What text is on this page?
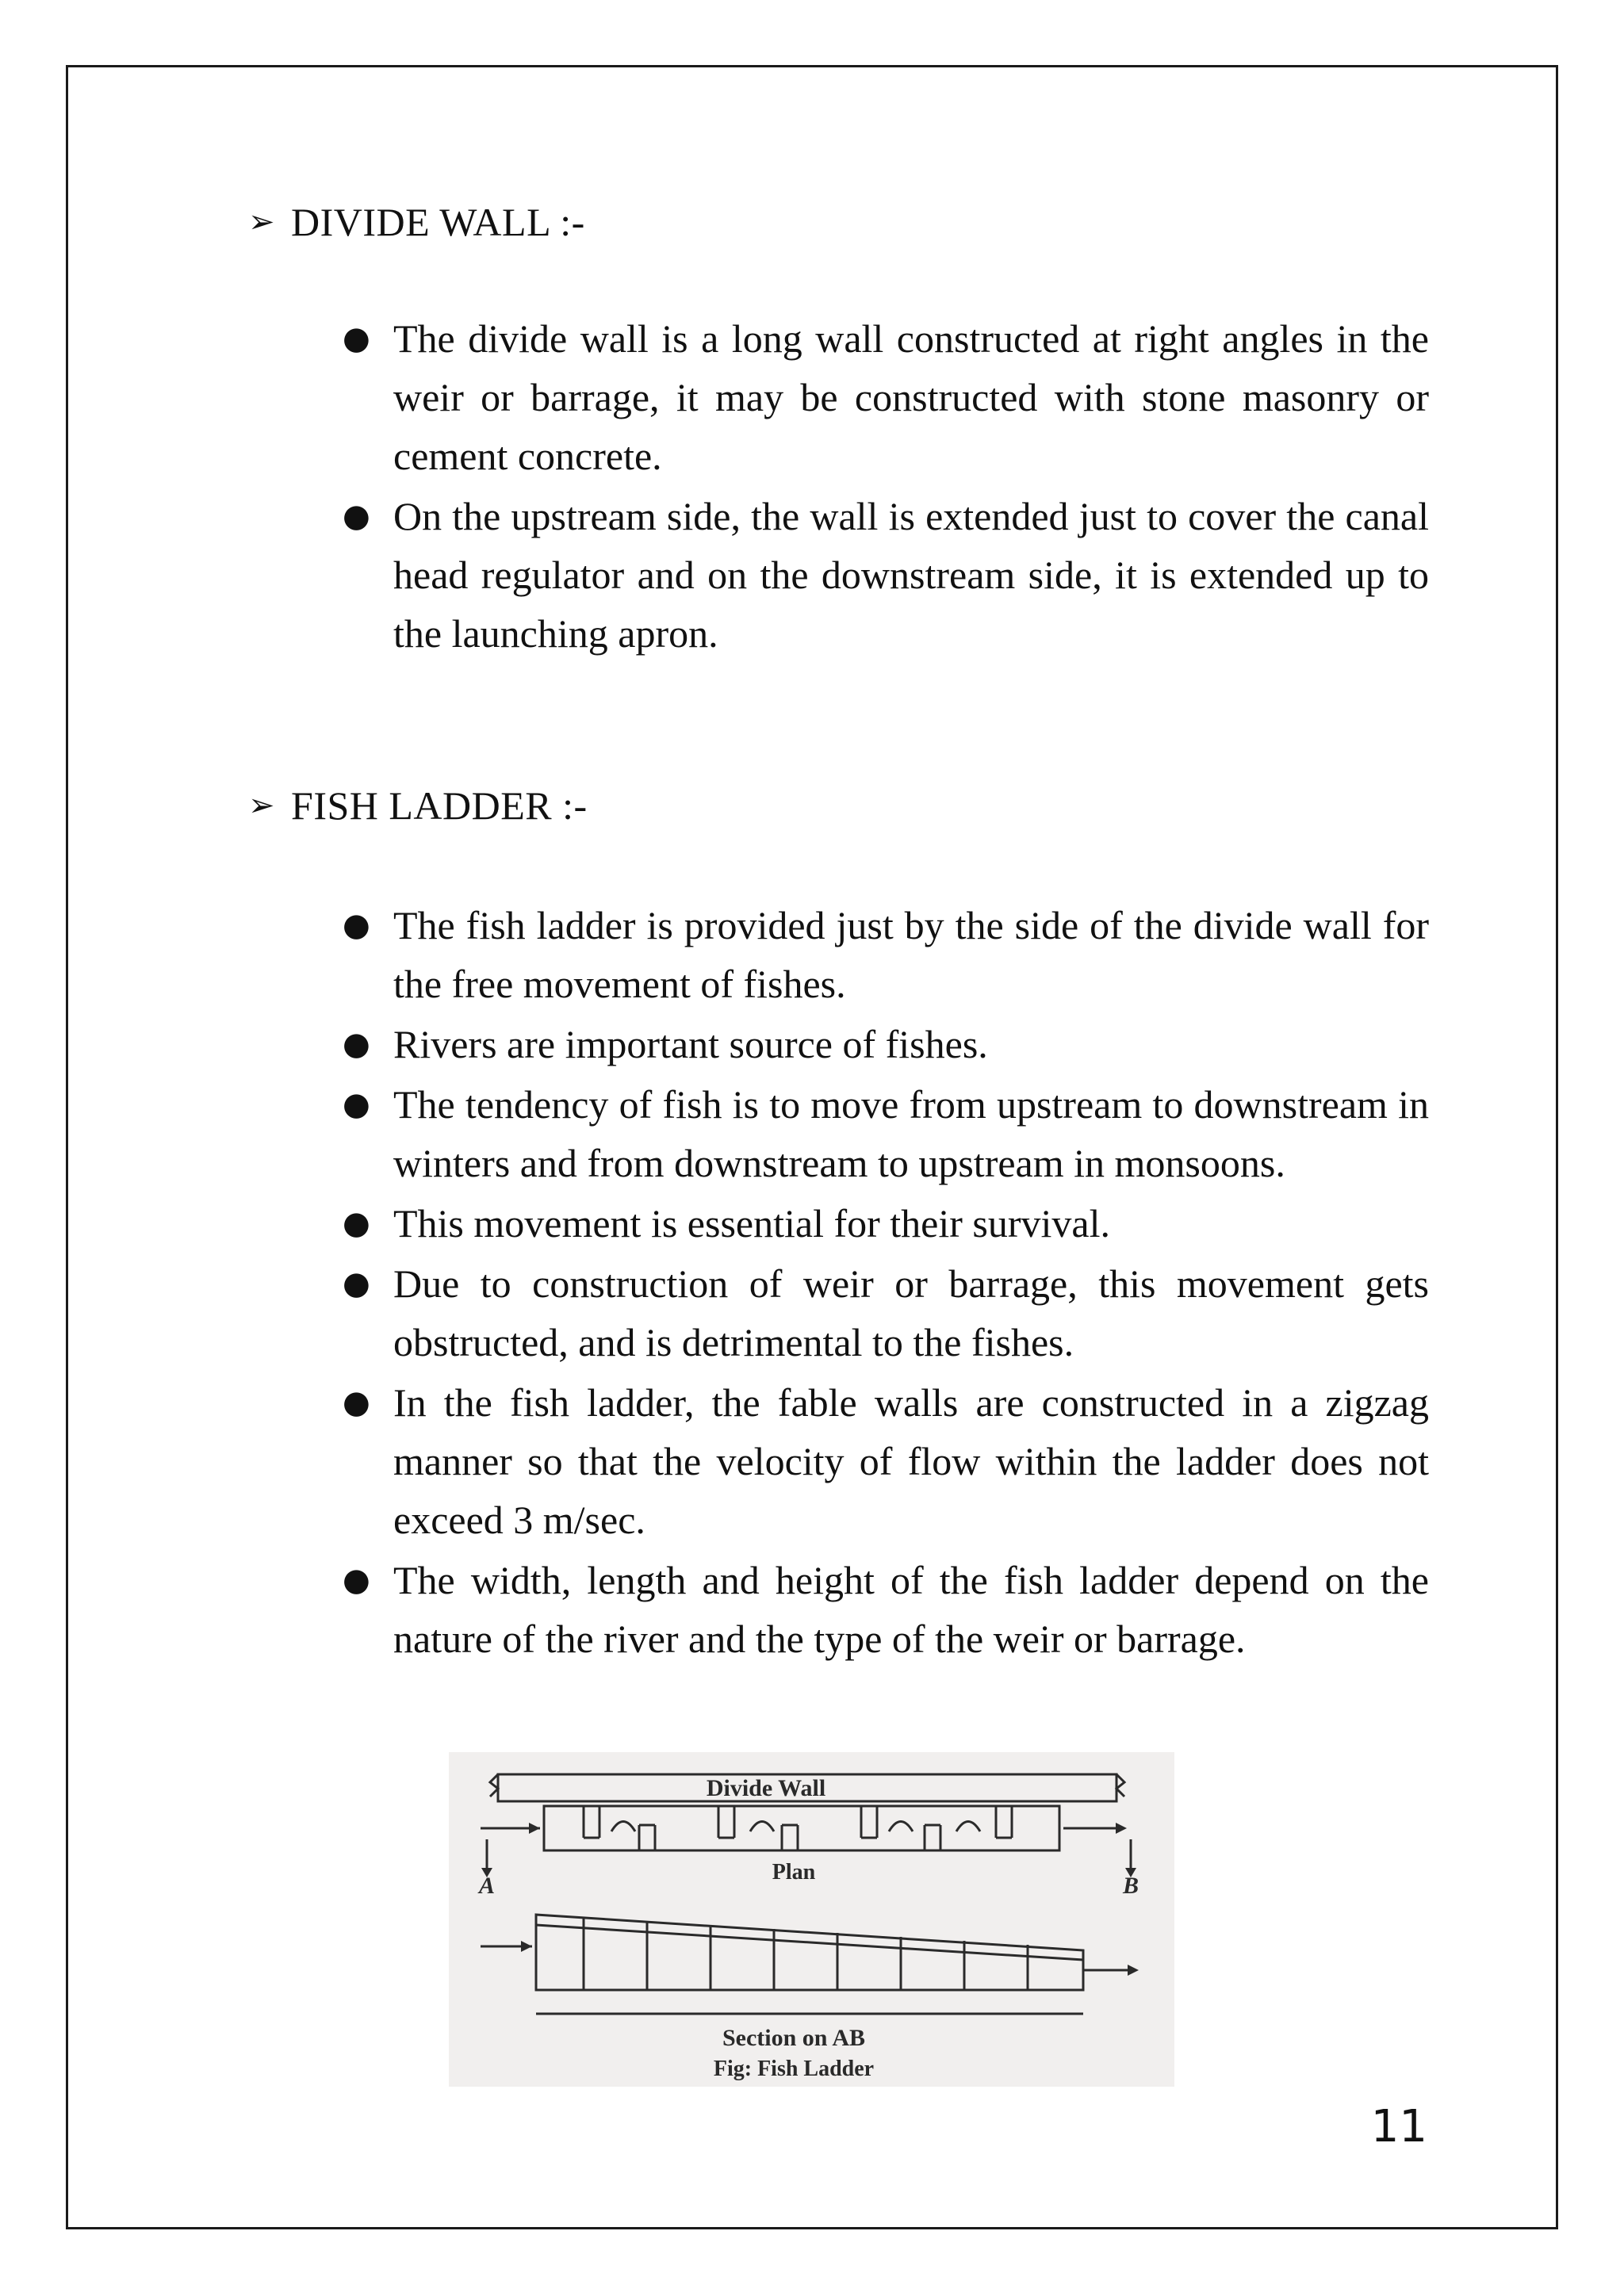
➢ DIVIDE WALL :-
● The divide wall is a long wall constructed at right angles in the weir or barrage, it may be constructed with stone masonry or cement concrete.
● On the upstream side, the wall is extended just to cover the canal head regulator and on the downstream side, it is extended up to the launching apron.
➢ FISH LADDER :-
● The fish ladder is provided just by the side of the divide wall for the free movement of fishes.
● Rivers are important source of fishes.
● The tendency of fish is to move from upstream to downstream in winters and from downstream to upstream in monsoons.
● This movement is essential for their survival.
● Due to construction of weir or barrage, this movement gets obstructed, and is detrimental to the fishes.
● In the fish ladder, the fable walls are constructed in a zigzag manner so that the velocity of flow within the ladder does not exceed 3 m/sec.
● The width, length and height of the fish ladder depend on the nature of the river and the type of the weir or barrage.
Divide Wall
Plan
A	B
Section on AB
Fig: Fish Ladder
11
